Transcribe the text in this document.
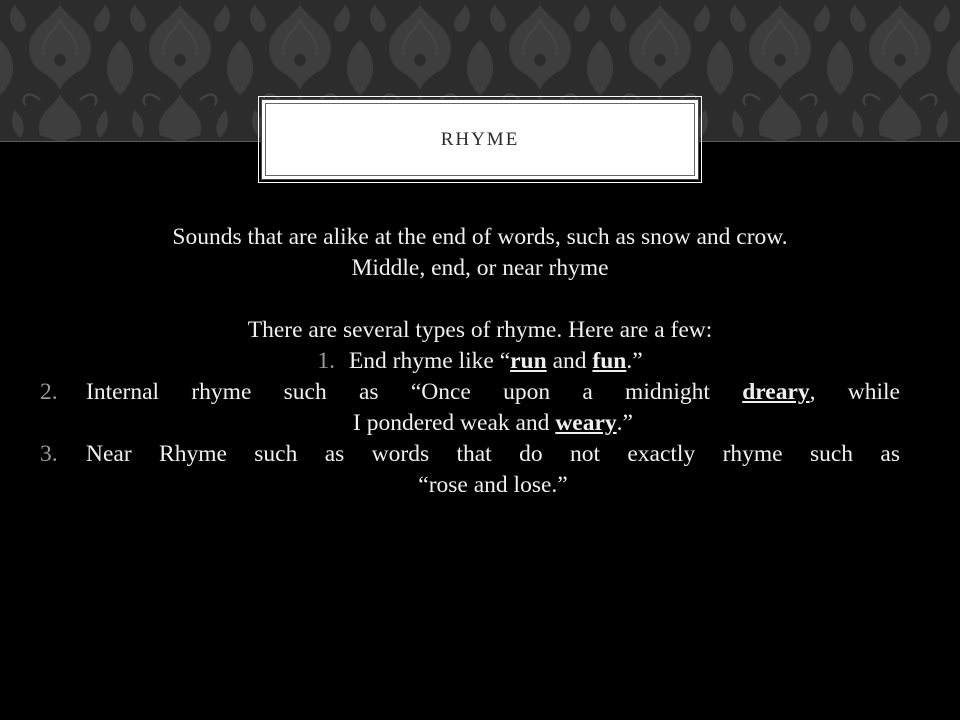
RHYME

Sounds that are alike at the end of words, such as snow and crow.

Middle, end, or near rhyme

There are several types of rhyme. Here are a few:

1. End rhyme like “run and fun.”
2.	Internal rhyme such as “Once upon a midnight dreary, while
I pondered weak and weary.”
3.	Near Rhyme such as words that do not exactly rhyme such as
“rose and lose.”
